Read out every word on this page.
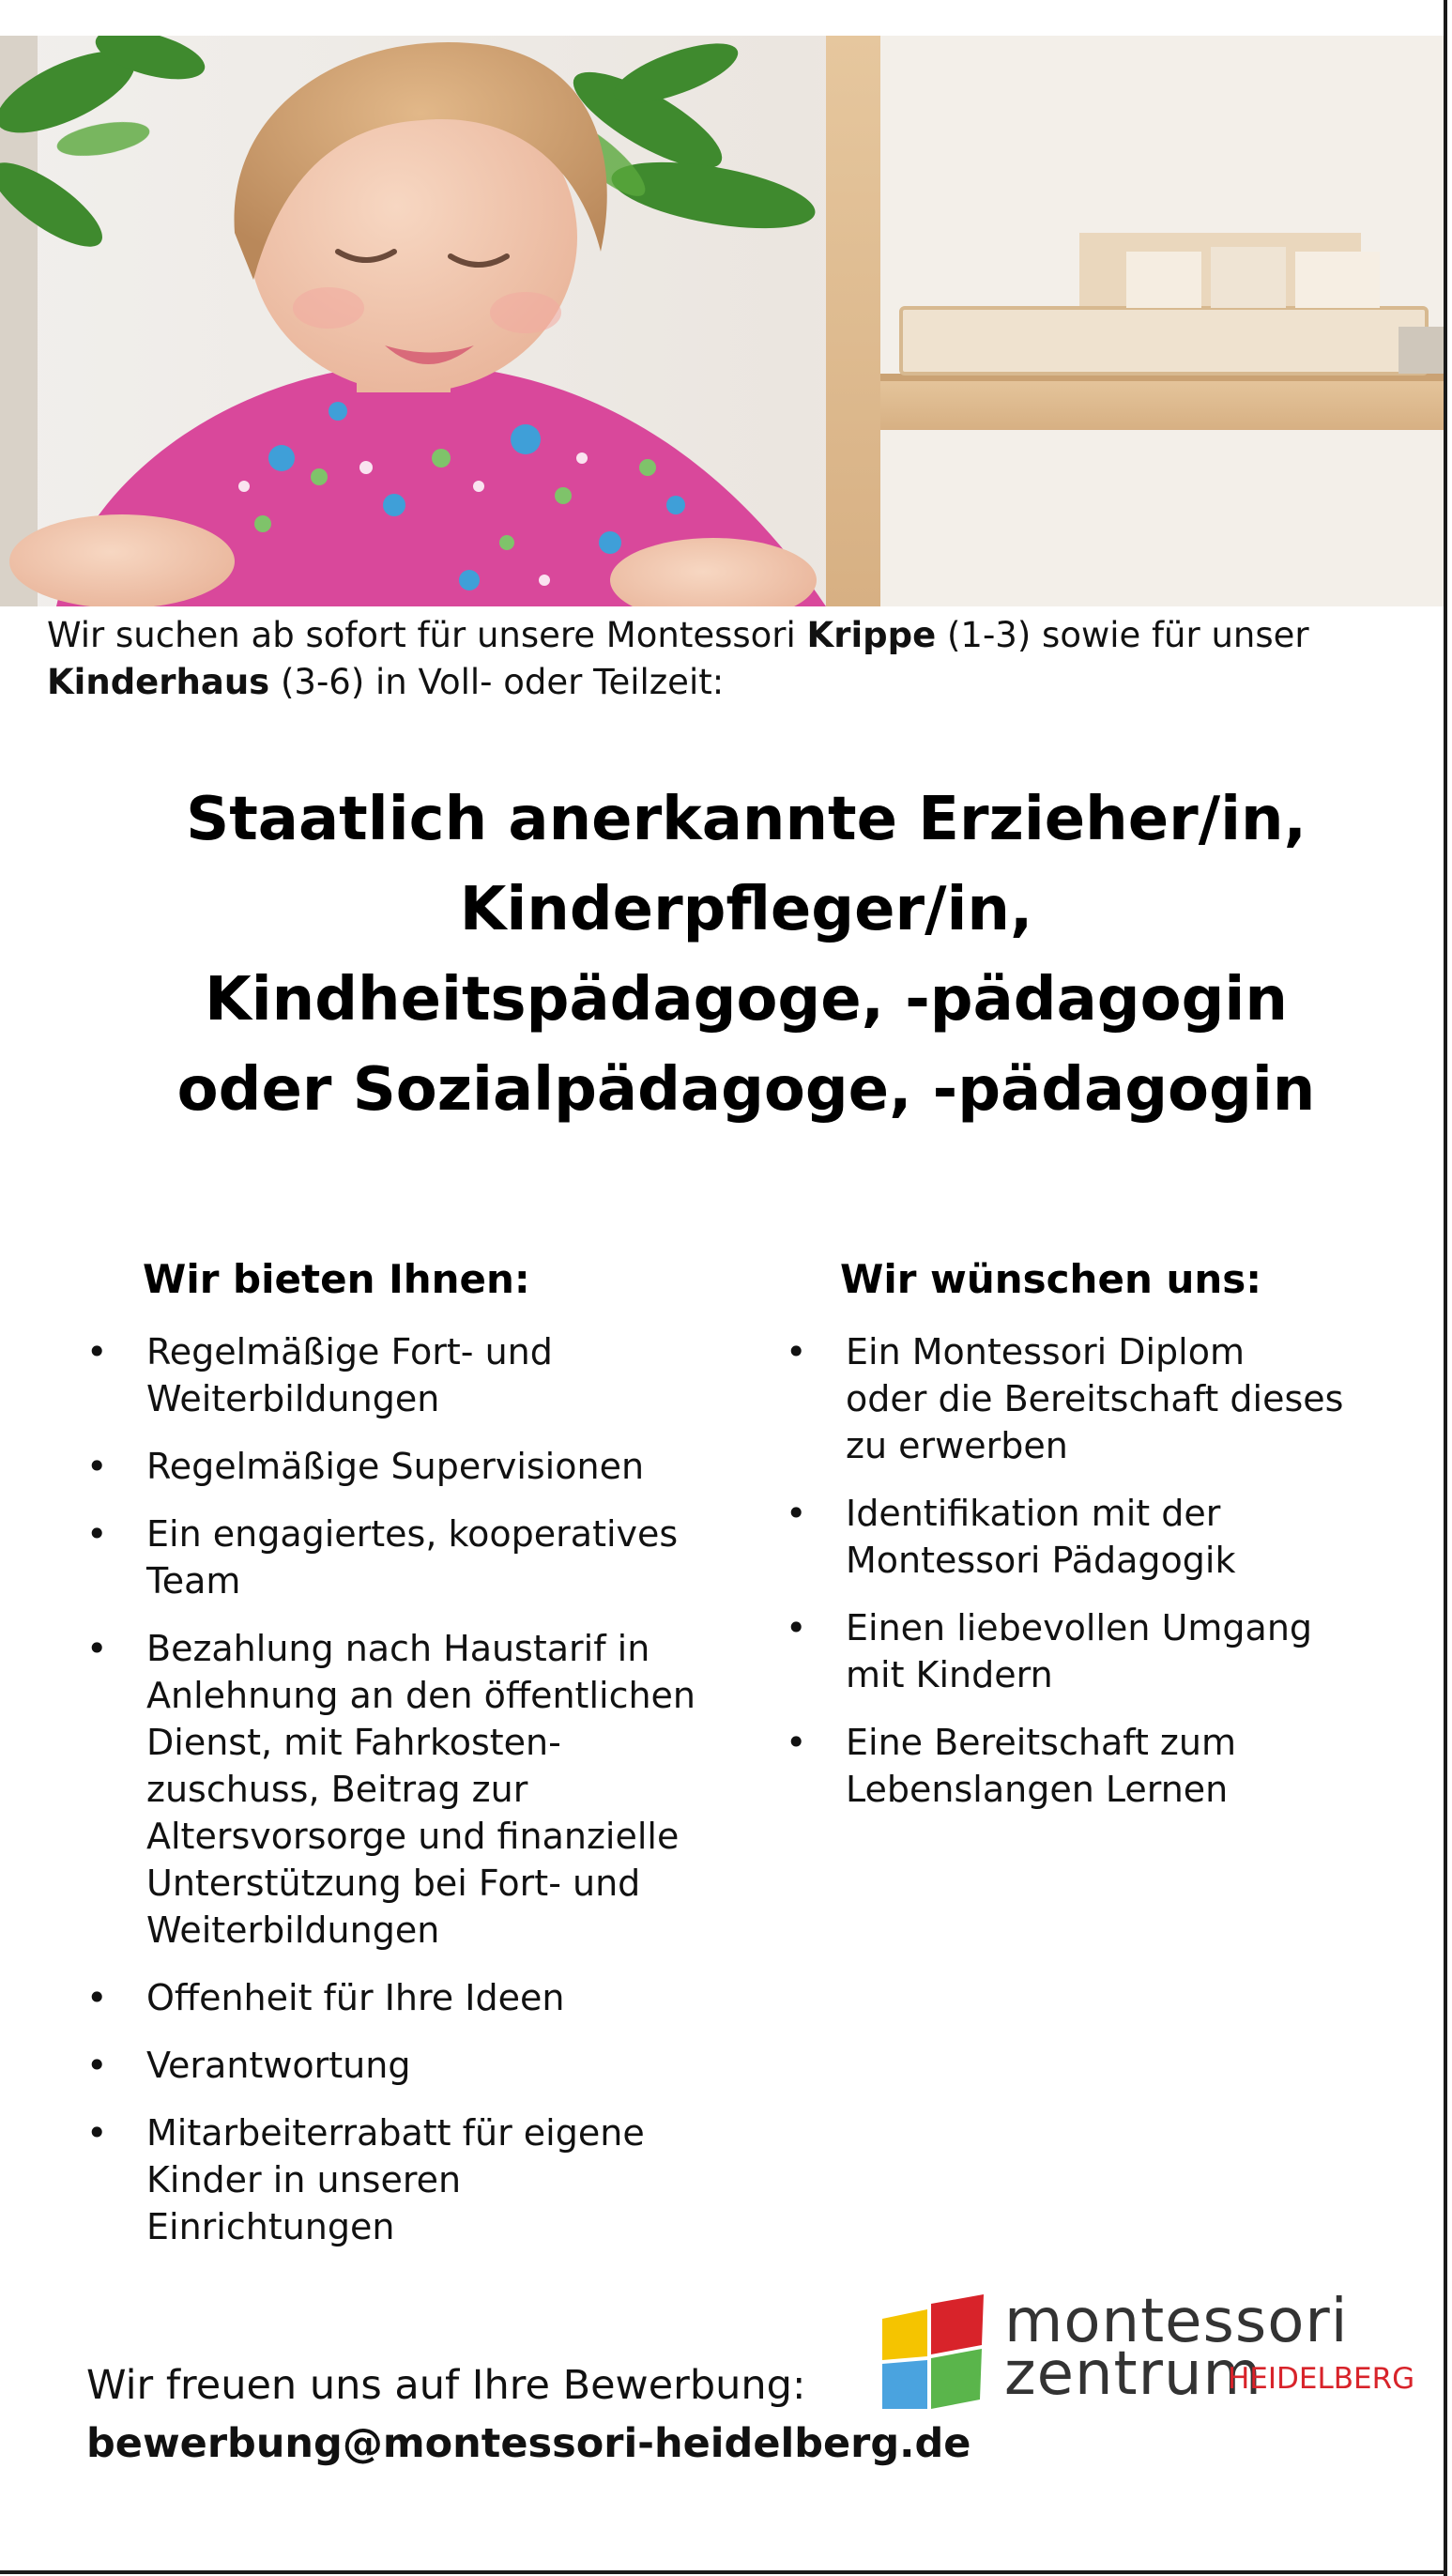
Wir suchen ab sofort für unsere Montessori Krippe (1-3) sowie für unser
Kinderhaus (3-6) in Voll- oder Teilzeit:
Staatlich anerkannte Erzieher/in,
Kinderpfleger/in,
Kindheitspädagoge, -pädagogin
oder Sozialpädagoge, -pädagogin
Wir bieten Ihnen:
• Regelmäßige Fort- und
Weiterbildungen
• Regelmäßige Supervisionen
• Ein engagiertes, kooperatives
Team
• Bezahlung nach Haustarif in
Anlehnung an den öffentlichen
Dienst, mit Fahrkosten-
zuschuss, Beitrag zur
Altersvorsorge und finanzielle
Unterstützung bei Fort- und
Weiterbildungen
• Offenheit für Ihre Ideen
• Verantwortung
• Mitarbeiterrabatt für eigene
Kinder in unseren
Einrichtungen
Wir wünschen uns:
• Ein Montessori Diplom
oder die Bereitschaft dieses
zu erwerben
• Identifikation mit der
Montessori Pädagogik
• Einen liebevollen Umgang
mit Kindern
• Eine Bereitschaft zum
Lebenslangen Lernen
Wir freuen uns auf Ihre Bewerbung:
bewerbung@montessori-heidelberg.de
montessori
zentrum
HEIDELBERG
